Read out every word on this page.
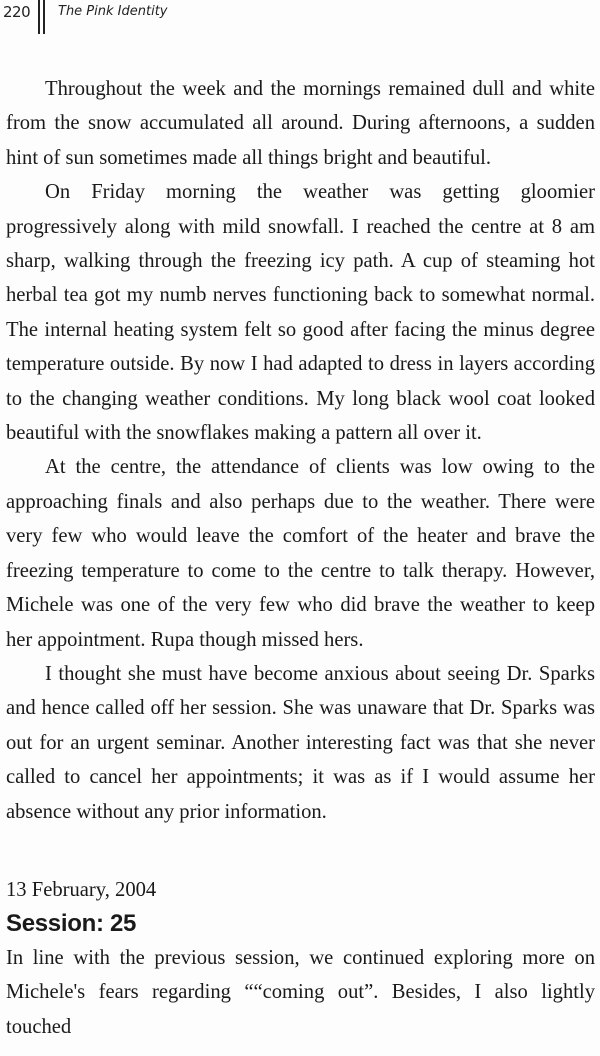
220 The Pink Identity

Throughout the week and the mornings remained dull and white from the snow accumulated all around. During afternoons, a sudden hint of sun sometimes made all things bright and beautiful.

On Friday morning the weather was getting gloomier progressively along with mild snowfall. I reached the centre at 8 am sharp, walking through the freezing icy path. A cup of steaming hot herbal tea got my numb nerves functioning back to somewhat normal. The internal heating system felt so good after facing the minus degree temperature outside. By now I had adapted to dress in layers according to the changing weather conditions. My long black wool coat looked beautiful with the snowflakes making a pattern all over it.

At the centre, the attendance of clients was low owing to the approaching finals and also perhaps due to the weather. There were very few who would leave the comfort of the heater and brave the freezing temperature to come to the centre to talk therapy. However, Michele was one of the very few who did brave the weather to keep her appointment. Rupa though missed hers.

I thought she must have become anxious about seeing Dr. Sparks and hence called off her session. She was unaware that Dr. Sparks was out for an urgent seminar. Another interesting fact was that she never called to cancel her appointments; it was as if I would assume her absence without any prior information.

13 February, 2004

Session: 25

In line with the previous session, we continued exploring more on Michele's fears regarding ““coming out”. Besides, I also lightly touched
